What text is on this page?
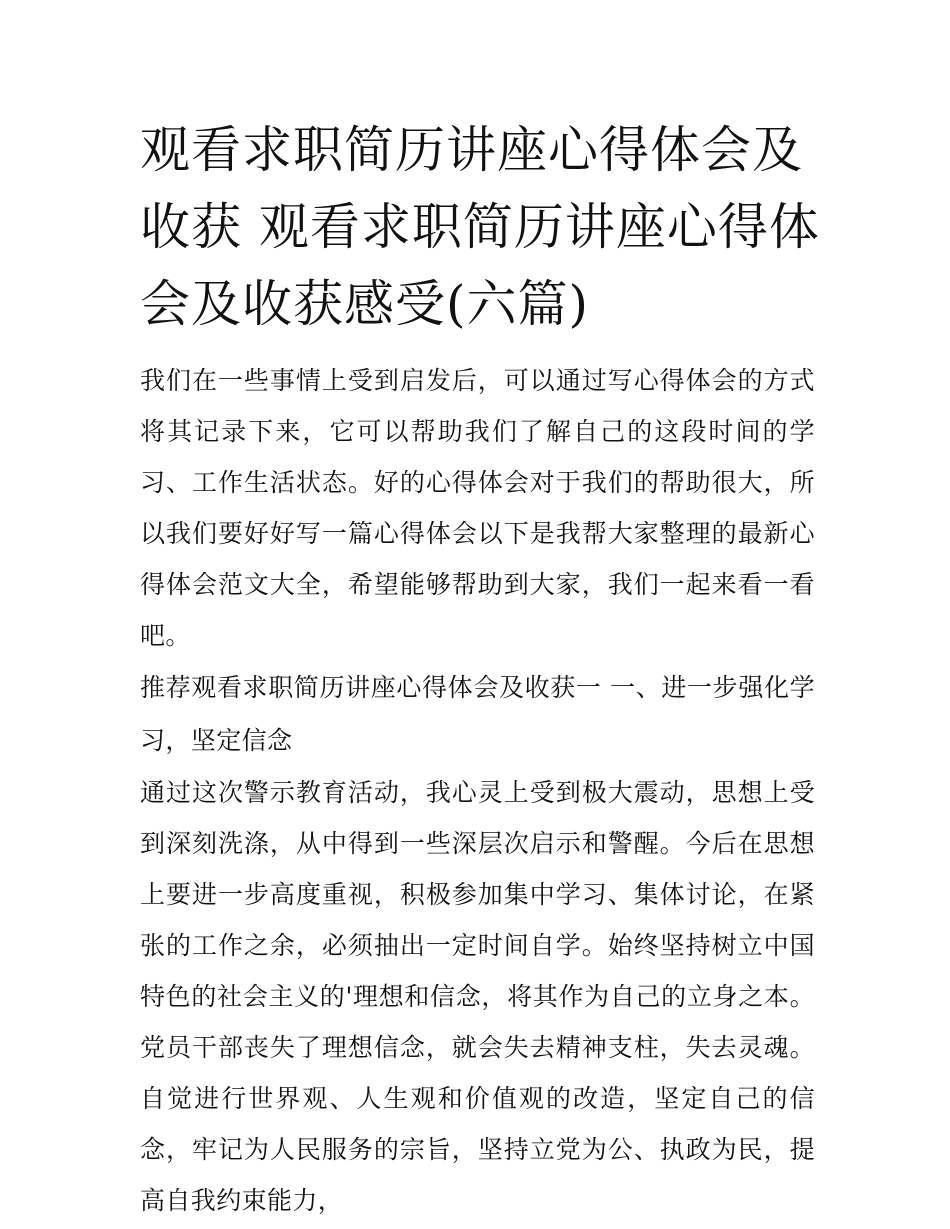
观看求职简历讲座心得体会及收获 观看求职简历讲座心得体会及收获感受(六篇)

我们在一些事情上受到启发后，可以通过写心得体会的方式将其记录下来，它可以帮助我们了解自己的这段时间的学习、工作生活状态。好的心得体会对于我们的帮助很大，所以我们要好好写一篇心得体会以下是我帮大家整理的最新心得体会范文大全，希望能够帮助到大家，我们一起来看一看吧。

推荐观看求职简历讲座心得体会及收获一 一、进一步强化学习，坚定信念

通过这次警示教育活动，我心灵上受到极大震动，思想上受到深刻洗涤，从中得到一些深层次启示和警醒。今后在思想上要进一步高度重视，积极参加集中学习、集体讨论，在紧张的工作之余，必须抽出一定时间自学。始终坚持树立中国特色的社会主义的'理想和信念，将其作为自己的立身之本。党员干部丧失了理想信念，就会失去精神支柱，失去灵魂。自觉进行世界观、人生观和价值观的改造，坚定自己的信念，牢记为人民服务的宗旨，坚持立党为公、执政为民，提高自我约束能力，
